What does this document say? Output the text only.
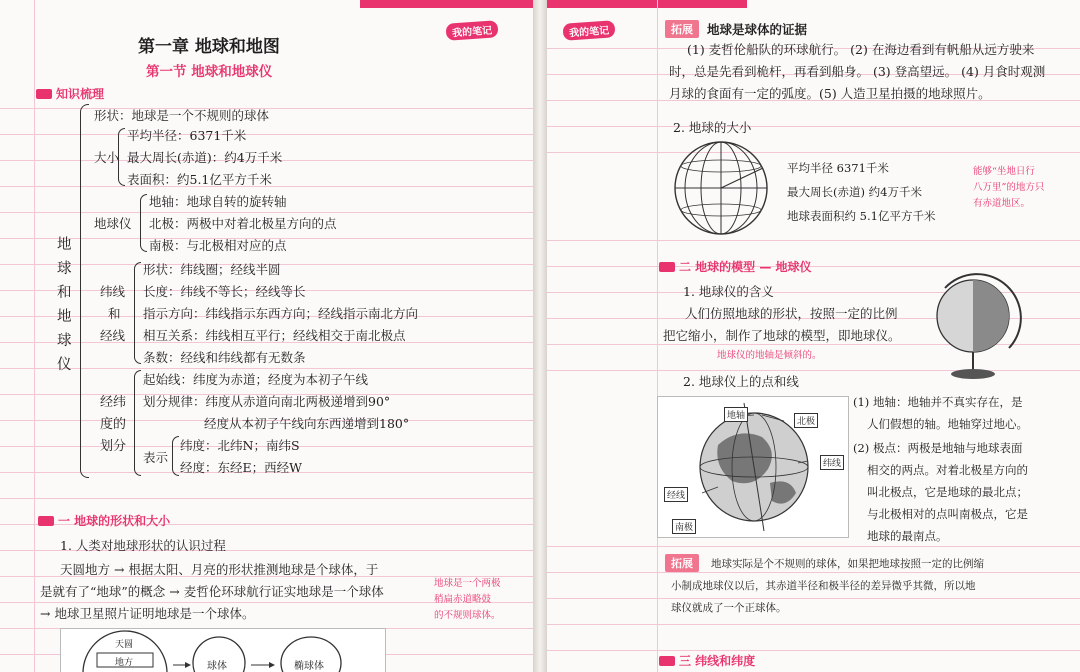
我的笔记
第一章 地球和地图
第一节 地球和地球仪
知识梳理
地球和地球仪
形状：地球是一个不规则的球体
大小
平均半径：6371千米
最大周长(赤道)：约4万千米
表面积：约5.1亿平方千米
地球仪
地轴：地球自转的旋转轴
北极：两极中对着北极星方向的点
南极：与北极相对应的点
纬线
和
经线
形状：纬线圈；经线半圆
长度：纬线不等长；经线等长
指示方向：纬线指示东西方向；经线指示南北方向
相互关系：纬线相互平行；经线相交于南北极点
条数：经线和纬线都有无数条
经纬度的划分
起始线：纬度为赤道；经度为本初子午线
划分规律：纬度从赤道向南北两极递增到90°
经度从本初子午线向东西递增到180°
表示
纬度：北纬N；南纬S
经度：东经E；西经W
一 地球的形状和大小
1. 人类对地球形状的认识过程
天圆地方 → 根据太阳、月亮的形状推测地球是个球体，于
是就有了“地球”的概念 → 麦哲伦环球航行证实地球是一个球体
→ 地球卫星照片证明地球是一个球体。
地球是一个两极
稍扁赤道略鼓
的不规则球体。
天圆
地方	球体	椭球体
我的笔记	拓展	地球是球体的证据
(1) 麦哲伦船队的环球航行。 (2) 在海边看到有帆船从远方驶来
时，总是先看到桅杆，再看到船身。 (3) 登高望远。 (4) 月食时观测
月球的食面有一定的弧度。(5) 人造卫星拍摄的地球照片。
2. 地球的大小
平均半径 6371千米
最大周长(赤道) 约4万千米
地球表面积约 5.1亿平方千米
能够“坐地日行
八万里”的地方只
有赤道地区。
二 地球的模型 — 地球仪
1. 地球仪的含义
人们仿照地球的形状，按照一定的比例
把它缩小，制作了地球的模型，即地球仪。
地球仪的地轴是倾斜的。
2. 地球仪上的点和线
地轴
北极
纬线
经线
南极
(1) 地轴：地轴并不真实存在，是
人们假想的轴。地轴穿过地心。
(2) 极点：两极是地轴与地球表面
相交的两点。对着北极星方向的
叫北极点，它是地球的最北点；
与北极相对的点叫南极点，它是
地球的最南点。
拓展	地球实际是个不规则的球体，如果把地球按照一定的比例缩
小制成地球仪以后，其赤道半径和极半径的差异微乎其微，所以地
球仪就成了一个正球体。
三 纬线和纬度
